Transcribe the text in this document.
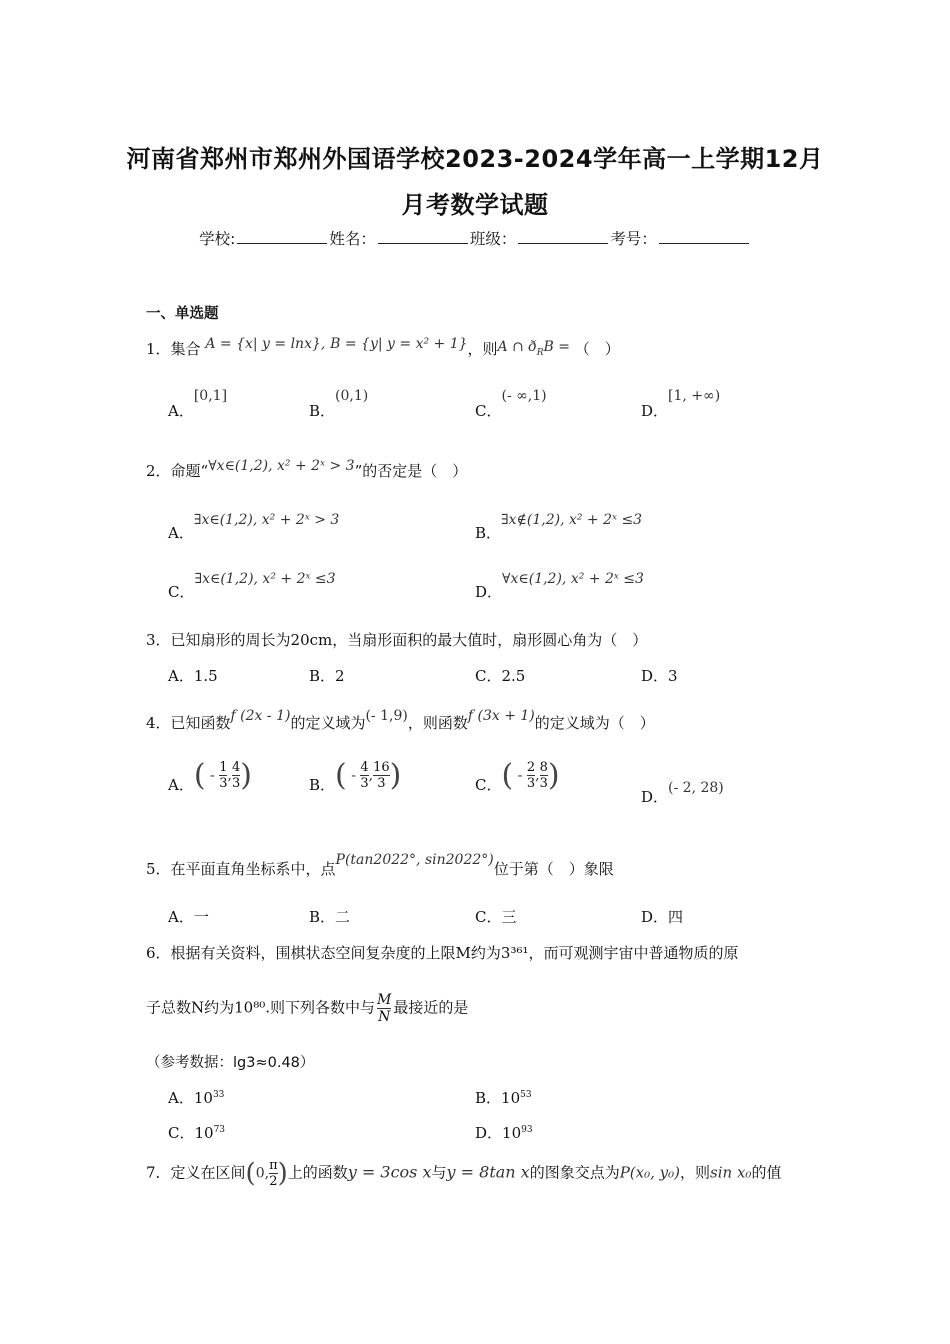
河南省郑州市郑州外国语学校2023-2024学年高一上学期12月
月考数学试题
学校:	姓名：	班级：	考号：
一、单选题
1．集合 A = {x| y = lnx}, B = {y| y = x² + 1}，则A ∩ $ð_RB$ = （　）
A．[0,1]
B．(0,1)
C．(- ∞,1)
D．[1, +∞)
2．命题“∀x∈(1,2), x² + 2ˣ > 3”的否定是（　）
A．∃x∈(1,2), x² + 2ˣ > 3
B．∃x∉(1,2), x² + 2ˣ ≤3
C．∃x∈(1,2), x² + 2ˣ ≤3
D．∀x∈(1,2), x² + 2ˣ ≤3
3．已知扇形的周长为20cm，当扇形面积的最大值时，扇形圆心角为（　）
A．1.5	B．2	C．2.5	D．3
4．已知函数f (2x - 1)的定义域为(- 1,9)，则函数f (3x + 1)的定义域为（　）
A．( - $\frac{1}{3}$ , $\frac{4}{3}$ )	B．( - $\frac{4}{3}$ , $\frac{16}{3}$ )	C．( - $\frac{2}{3}$ , $\frac{8}{3}$ )
D．(- 2, 28)
5．在平面直角坐标系中，点P(tan2022°, sin2022°)位于第（　）象限
A．一	B．二	C．三	D．四
6．根据有关资料，围棋状态空间复杂度的上限M约为3³⁶¹，而可观测宇宙中普通物质的原
子总数N约为10⁸⁰.则下列各数中与 $\frac{M}{N}$ 最接近的是
（参考数据：lg3≈0.48）
A．$10^{33}$	B．$10^{53}$
C．$10^{73}$	D．$10^{93}$
7．定义在区间(0, $\frac{\pi}{2}$ )上的函数y = 3cos x与y = 8tan x的图象交点为P(x₀, y₀)，则sin x₀的值
